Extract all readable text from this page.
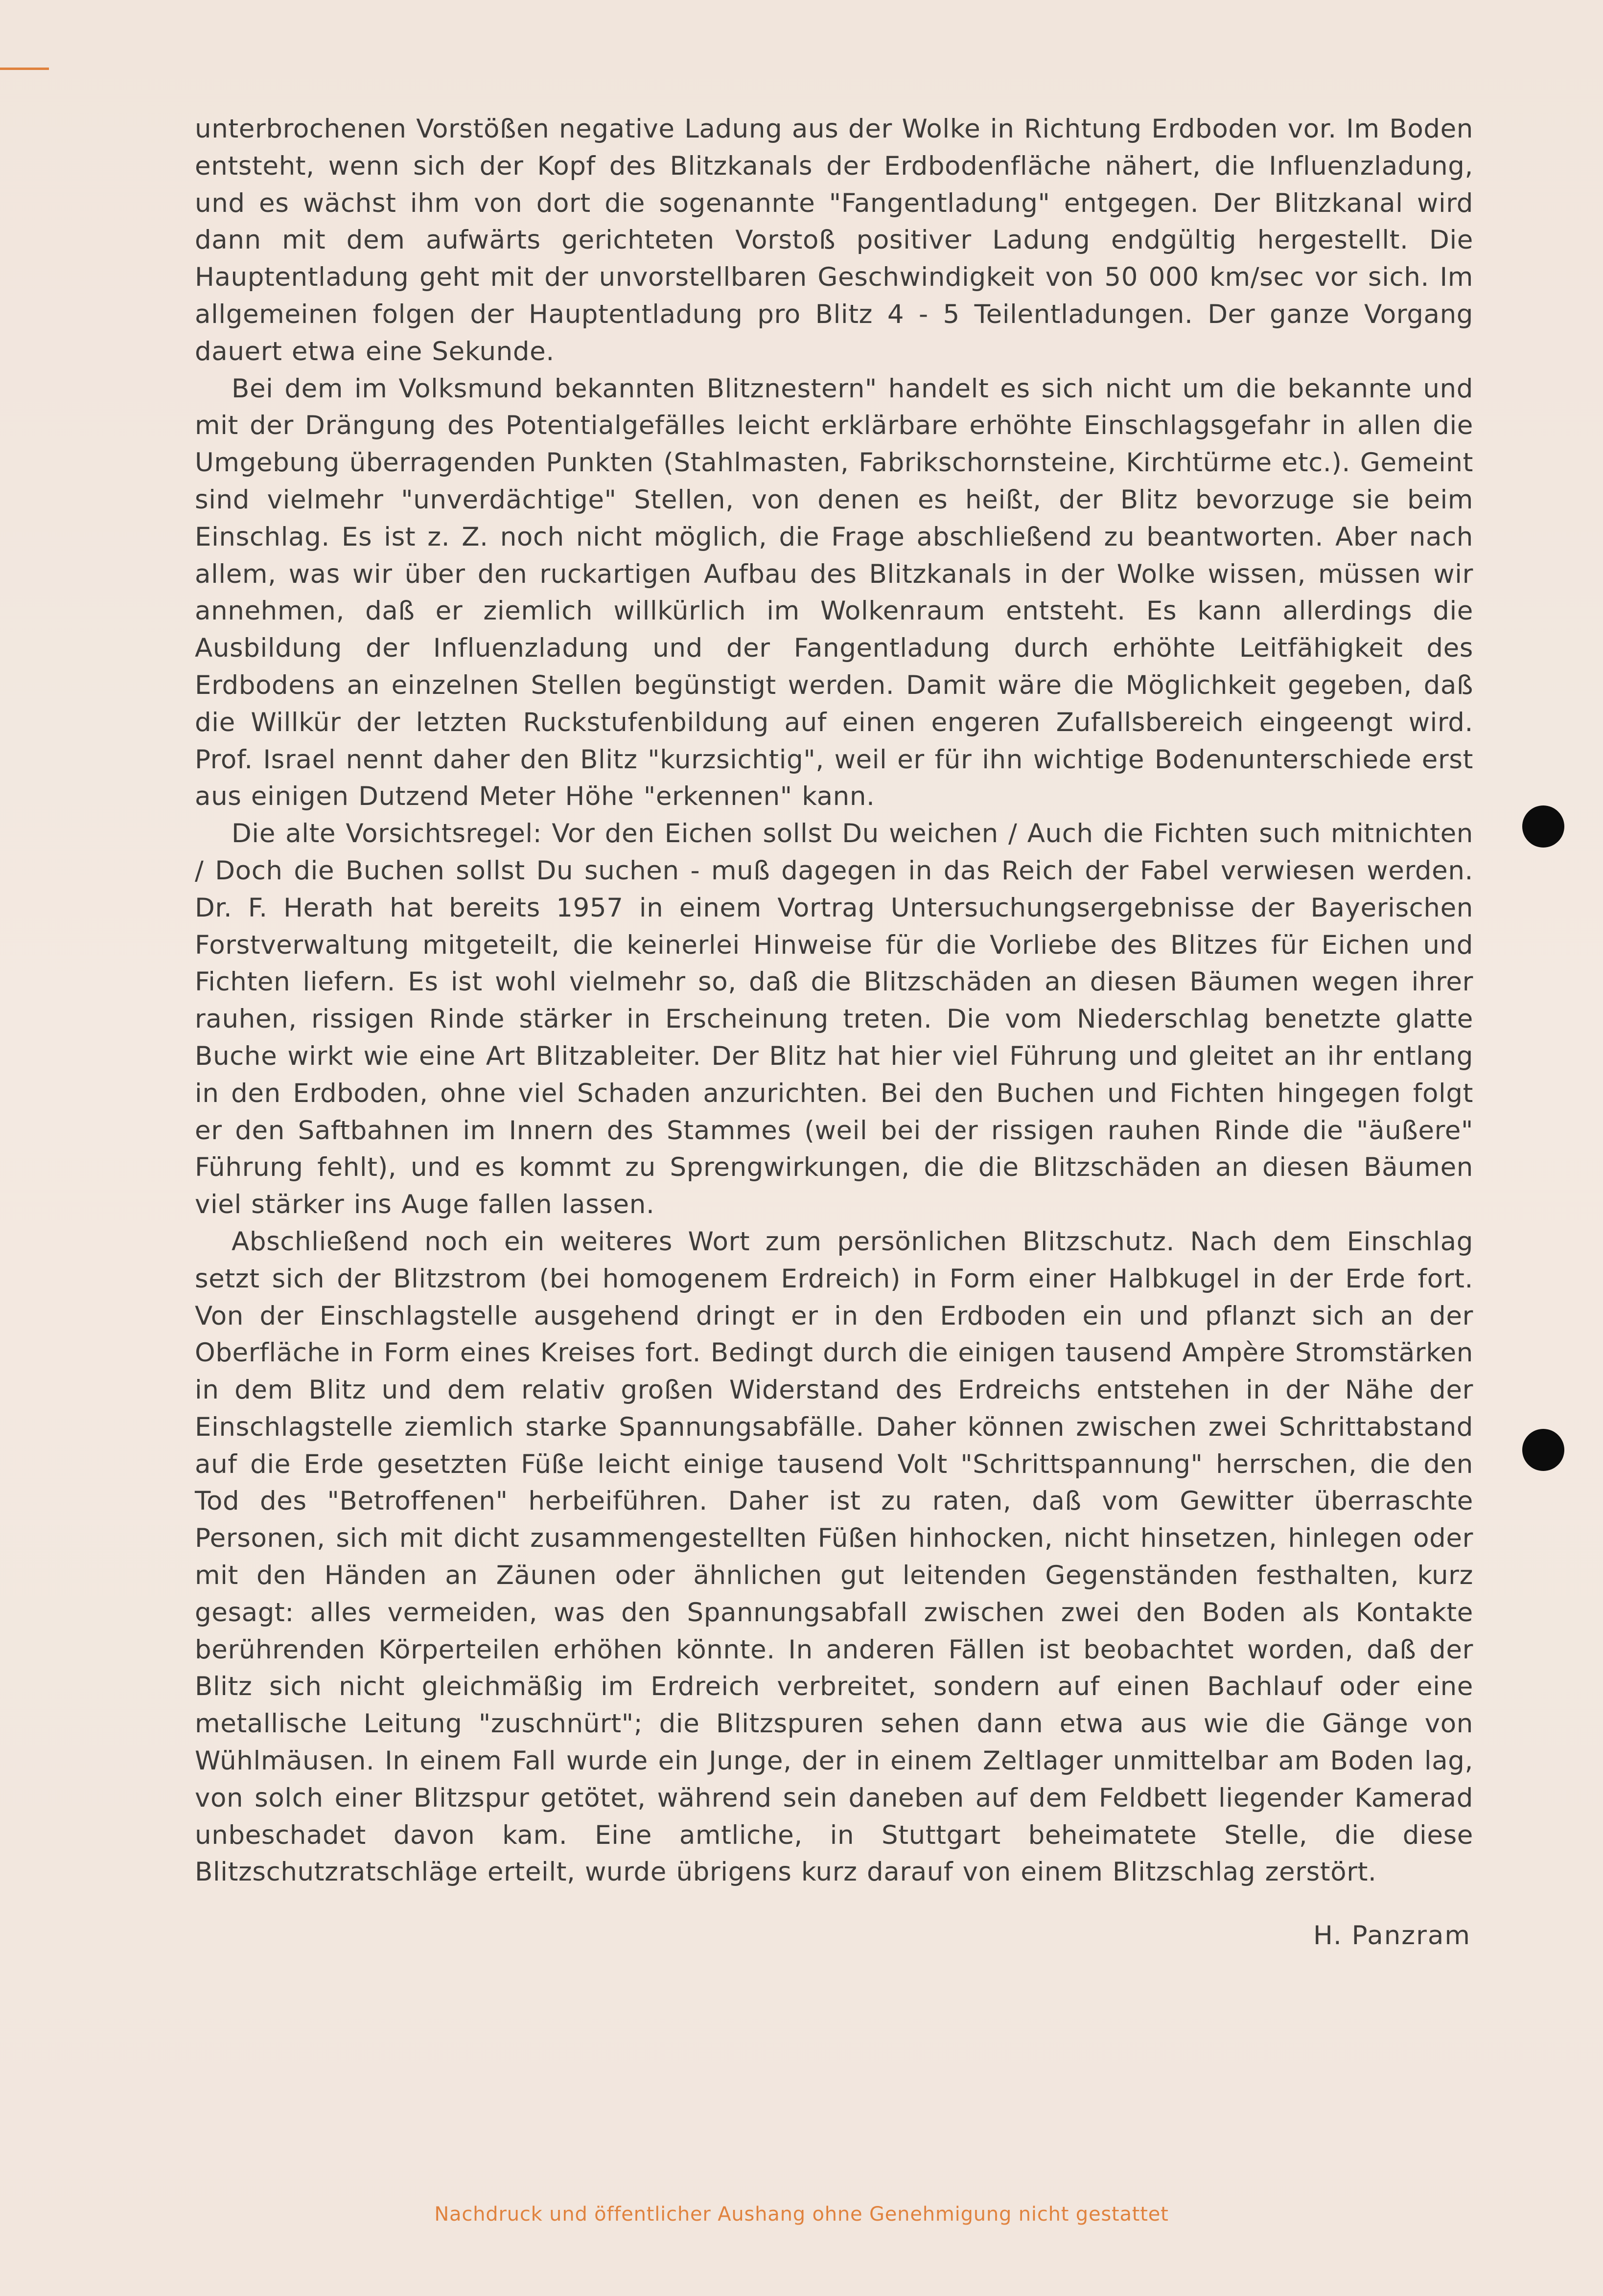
unterbrochenen Vorstößen negative Ladung aus der Wolke in Richtung Erdboden vor. Im Boden entsteht, wenn sich der Kopf des Blitzkanals der Erdbodenfläche nähert, die Influenzladung, und es wächst ihm von dort die sogenannte "Fangentladung" entgegen. Der Blitzkanal wird dann mit dem aufwärts gerichteten Vorstoß positiver Ladung endgültig hergestellt. Die Hauptentladung geht mit der unvorstellbaren Geschwindigkeit von 50 000 km/sec vor sich. Im allgemeinen folgen der Hauptentladung pro Blitz 4 - 5 Teilentladungen. Der ganze Vorgang dauert etwa eine Sekunde.

Bei dem im Volksmund bekannten Blitznestern" handelt es sich nicht um die bekannte und mit der Drängung des Potentialgefälles leicht erklärbare erhöhte Einschlagsgefahr in allen die Umgebung überragenden Punkten (Stahlmasten, Fabrikschornsteine, Kirchtürme etc.). Gemeint sind vielmehr "unverdächtige" Stellen, von denen es heißt, der Blitz bevorzuge sie beim Einschlag. Es ist z. Z. noch nicht möglich, die Frage abschließend zu beantworten. Aber nach allem, was wir über den ruckartigen Aufbau des Blitzkanals in der Wolke wissen, müssen wir annehmen, daß er ziemlich willkürlich im Wolkenraum entsteht. Es kann allerdings die Ausbildung der Influenzladung und der Fangentladung durch erhöhte Leitfähigkeit des Erdbodens an einzelnen Stellen begünstigt werden. Damit wäre die Möglichkeit gegeben, daß die Willkür der letzten Ruckstufenbildung auf einen engeren Zufallsbereich eingeengt wird. Prof. Israel nennt daher den Blitz "kurzsichtig", weil er für ihn wichtige Bodenunterschiede erst aus einigen Dutzend Meter Höhe "erkennen" kann.

Die alte Vorsichtsregel: Vor den Eichen sollst Du weichen / Auch die Fichten such mitnichten / Doch die Buchen sollst Du suchen - muß dagegen in das Reich der Fabel verwiesen werden. Dr. F. Herath hat bereits 1957 in einem Vortrag Untersuchungsergebnisse der Bayerischen Forstverwaltung mitgeteilt, die keinerlei Hinweise für die Vorliebe des Blitzes für Eichen und Fichten liefern. Es ist wohl vielmehr so, daß die Blitzschäden an diesen Bäumen wegen ihrer rauhen, rissigen Rinde stärker in Erscheinung treten. Die vom Niederschlag benetzte glatte Buche wirkt wie eine Art Blitzableiter. Der Blitz hat hier viel Führung und gleitet an ihr entlang in den Erdboden, ohne viel Schaden anzurichten. Bei den Buchen und Fichten hingegen folgt er den Saftbahnen im Innern des Stammes (weil bei der rissigen rauhen Rinde die "äußere" Führung fehlt), und es kommt zu Sprengwirkungen, die die Blitzschäden an diesen Bäumen viel stärker ins Auge fallen lassen.

Abschließend noch ein weiteres Wort zum persönlichen Blitzschutz. Nach dem Einschlag setzt sich der Blitzstrom (bei homogenem Erdreich) in Form einer Halbkugel in der Erde fort. Von der Einschlagstelle ausgehend dringt er in den Erdboden ein und pflanzt sich an der Oberfläche in Form eines Kreises fort. Bedingt durch die einigen tausend Ampère Stromstärken in dem Blitz und dem relativ großen Widerstand des Erdreichs entstehen in der Nähe der Einschlagstelle ziemlich starke Spannungsabfälle. Daher können zwischen zwei Schrittabstand auf die Erde gesetzten Füße leicht einige tausend Volt "Schrittspannung" herrschen, die den Tod des "Betroffenen" herbeiführen. Daher ist zu raten, daß vom Gewitter überraschte Personen, sich mit dicht zusammengestellten Füßen hinhocken, nicht hinsetzen, hinlegen oder mit den Händen an Zäunen oder ähnlichen gut leitenden Gegenständen festhalten, kurz gesagt: alles vermeiden, was den Spannungsabfall zwischen zwei den Boden als Kontakte berührenden Körperteilen erhöhen könnte. In anderen Fällen ist beobachtet worden, daß der Blitz sich nicht gleichmäßig im Erdreich verbreitet, sondern auf einen Bachlauf oder eine metallische Leitung "zuschnürt"; die Blitzspuren sehen dann etwa aus wie die Gänge von Wühlmäusen. In einem Fall wurde ein Junge, der in einem Zeltlager unmittelbar am Boden lag, von solch einer Blitzspur getötet, während sein daneben auf dem Feldbett liegender Kamerad unbeschadet davon kam. Eine amtliche, in Stuttgart beheimatete Stelle, die diese Blitzschutzratschläge erteilt, wurde übrigens kurz darauf von einem Blitzschlag zerstört.

H. Panzram
Nachdruck und öffentlicher Aushang ohne Genehmigung nicht gestattet
